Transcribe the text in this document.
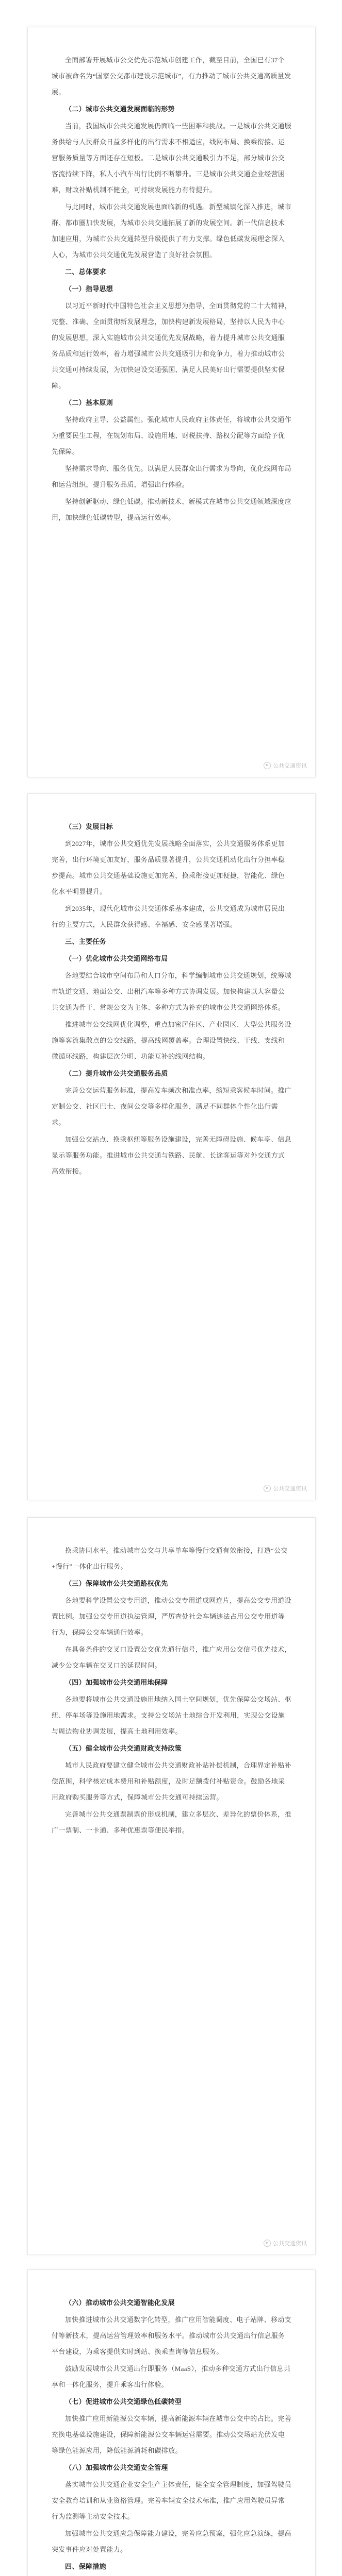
全面部署开展城市公交优先示范城市创建工作，截至目前，全国已有37个城市被命名为“国家公交都市建设示范城市”，有力推动了城市公共交通高质量发展。

（二）城市公共交通发展面临的形势

当前，我国城市公共交通发展仍面临一些困难和挑战。一是城市公共交通服务供给与人民群众日益多样化的出行需求不相适应，线网布局、换乘衔接、运营服务质量等方面还存在短板。二是城市公共交通吸引力不足，部分城市公交客流持续下降，私人小汽车出行比例不断攀升。三是城市公共交通企业经营困难，财政补贴机制不健全，可持续发展能力有待提升。

与此同时，城市公共交通发展也面临新的机遇。新型城镇化深入推进，城市群、都市圈加快发展，为城市公共交通拓展了新的发展空间。新一代信息技术加速应用，为城市公共交通转型升级提供了有力支撑。绿色低碳发展理念深入人心，为城市公共交通优先发展营造了良好社会氛围。

二、总体要求

（一）指导思想

以习近平新时代中国特色社会主义思想为指导，全面贯彻党的二十大精神，完整、准确、全面贯彻新发展理念，加快构建新发展格局，坚持以人民为中心的发展思想，深入实施城市公共交通优先发展战略，着力提升城市公共交通服务品质和运行效率，着力增强城市公共交通吸引力和竞争力，着力推动城市公共交通可持续发展，为加快建设交通强国、满足人民美好出行需要提供坚实保障。

（二）基本原则

坚持政府主导、公益属性。强化城市人民政府主体责任，将城市公共交通作为重要民生工程，在规划布局、设施用地、财税扶持、路权分配等方面给予优先保障。

坚持需求导向、服务优先。以满足人民群众出行需求为导向，优化线网布局和运营组织，提升服务品质，增强出行体验。

坚持创新驱动、绿色低碳。推动新技术、新模式在城市公共交通领域深度应用，加快绿色低碳转型，提高运行效率。

公共交通资讯

（三）发展目标

到2027年，城市公共交通优先发展战略全面落实，公共交通服务体系更加完善，出行环境更加友好，服务品质显著提升，公共交通机动化出行分担率稳步提高。城市公共交通基础设施更加完善，换乘衔接更加便捷，智能化、绿色化水平明显提升。

到2035年，现代化城市公共交通体系基本建成，公共交通成为城市居民出行的主要方式，人民群众获得感、幸福感、安全感显著增强。

三、主要任务

（一）优化城市公共交通网络布局

各地要结合城市空间布局和人口分布，科学编制城市公共交通规划，统筹城市轨道交通、地面公交、出租汽车等多种方式协调发展。加快构建以大容量公共交通为骨干、常规公交为主体、多种方式为补充的城市公共交通网络体系。

推进城市公交线网优化调整，重点加密居住区、产业园区、大型公共服务设施等客流集散点的公交线路，提高线网覆盖率。合理设置快线、干线、支线和微循环线路，构建层次分明、功能互补的线网结构。

（二）提升城市公共交通服务品质

完善公交运营服务标准，提高发车频次和准点率，缩短乘客候车时间。推广定制公交、社区巴士、夜间公交等多样化服务，满足不同群体个性化出行需求。

加强公交站点、换乘枢纽等服务设施建设，完善无障碍设施、候车亭、信息显示等服务功能。推进城市公共交通与铁路、民航、长途客运等对外交通方式高效衔接。

公共交通资讯

换乘协同水平。推动城市公交与共享单车等慢行交通有效衔接，打造“公交+慢行”一体化出行服务。

（三）保障城市公共交通路权优先

各地要科学设置公交专用道，推动公交专用道成网连片，提高公交专用道设置比例。加强公交专用道执法管理，严厉查处社会车辆违法占用公交专用道等行为，保障公交车辆通行效率。

在具备条件的交叉口设置公交优先通行信号，推广应用公交信号优先技术，减少公交车辆在交叉口的延误时间。

（四）加强城市公共交通用地保障

各地要将城市公共交通设施用地纳入国土空间规划，优先保障公交场站、枢纽、停车场等设施用地需求。支持公交场站土地综合开发利用，实现公交设施与周边物业协调发展，提高土地利用效率。

（五）健全城市公共交通财政支持政策

城市人民政府要建立健全城市公共交通财政补贴补偿机制，合理界定补贴补偿范围，科学核定成本费用和补贴额度，及时足额拨付补贴资金。鼓励各地采用政府购买服务等方式，保障城市公共交通可持续运营。

完善城市公共交通票制票价形成机制，建立多层次、差异化的票价体系，推广一票制、一卡通、多种优惠票等便民举措。

公共交通资讯

（六）推动城市公共交通智能化发展

加快推进城市公共交通数字化转型，推广应用智能调度、电子站牌、移动支付等新技术，提高运营管理效率和服务水平。推动城市公共交通出行信息服务平台建设，为乘客提供实时到站、换乘查询等信息服务。

鼓励发展城市公共交通出行即服务（MaaS），推动多种交通方式出行信息共享和一体化服务，提升乘客出行体验。

（七）促进城市公共交通绿色低碳转型

加快推广应用新能源公交车辆，提高新能源车辆在城市公交中的占比。完善充换电基础设施建设，保障新能源公交车辆运营需要。推动公交场站光伏发电等绿色能源应用，降低能源消耗和碳排放。

（八）加强城市公共交通安全管理

落实城市公共交通企业安全生产主体责任，健全安全管理制度，加强驾驶员安全教育培训和从业资格管理。完善车辆安全技术标准，推广应用驾驶员异常行为监测等主动安全技术。

加强城市公共交通应急保障能力建设，完善应急预案，强化应急演练，提高突发事件应对处置能力。

四、保障措施
